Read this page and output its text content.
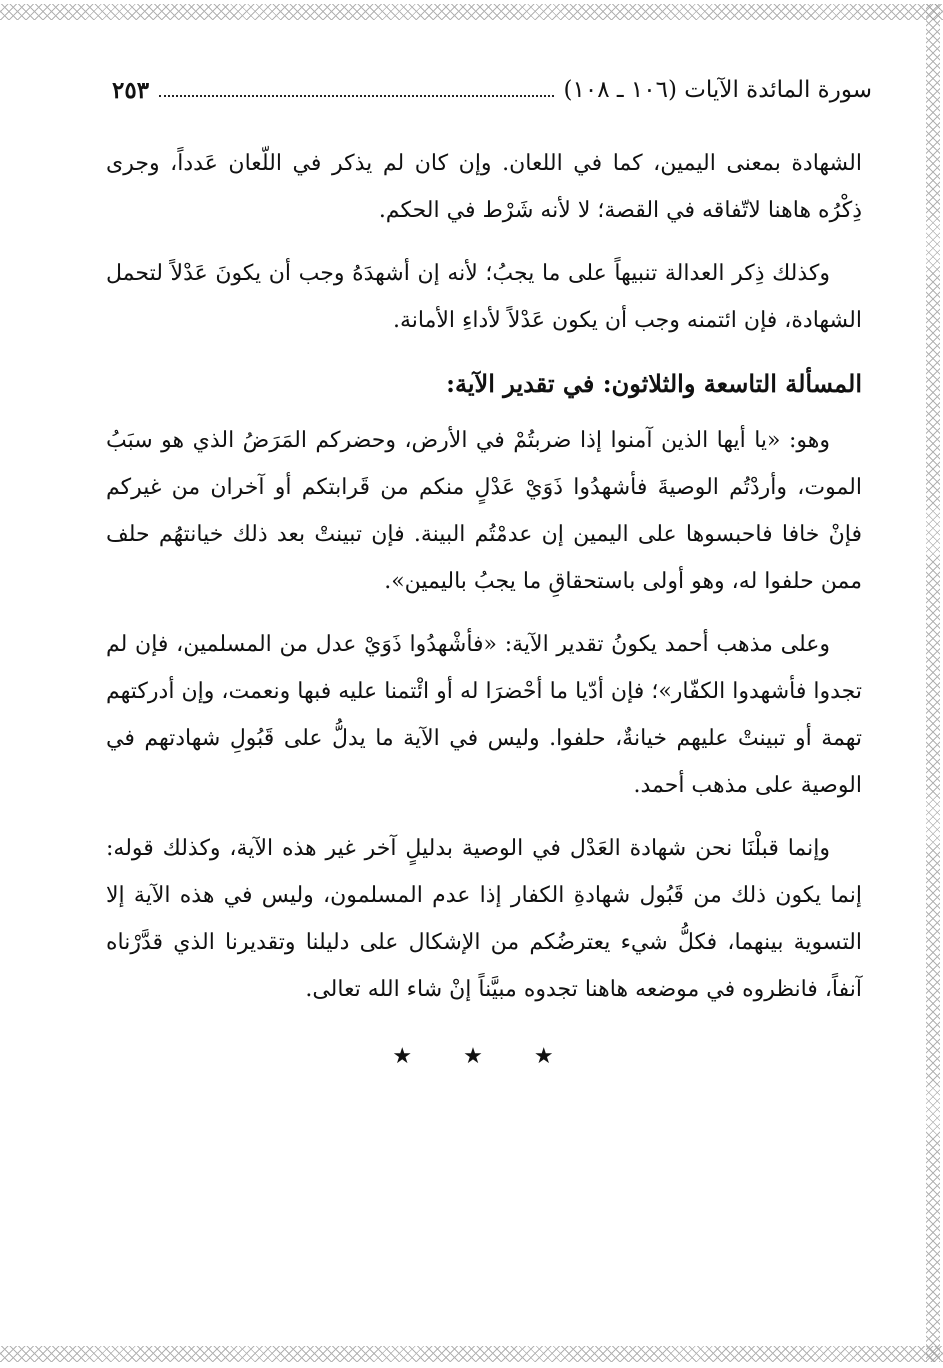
سورة المائدة الآيات (١٠٦ ـ ١٠٨)
٢٥٣

الشهادة بمعنى اليمين، كما في اللعان. وإن كان لم يذكر في اللّعان عَدداً، وجرى ذِكْرُه هاهنا لاتّفاقه في القصة؛ لا لأنه شَرْط في الحكم.

وكذلك ذِكر العدالة تنبيهاً على ما يجبُ؛ لأنه إن أشهدَهُ وجب أن يكونَ عَدْلاً لتحمل الشهادة، فإن ائتمنه وجب أن يكون عَدْلاً لأداءِ الأمانة.

المسألة التاسعة والثلاثون: في تقدير الآية:

وهو: «يا أيها الذين آمنوا إذا ضربتُمْ في الأرض، وحضركم المَرَضُ الذي هو سبَبُ الموت، وأردْتُم الوصيةَ فأشهدُوا ذَوَيْ عَدْلٍ منكم من قَرابتكم أو آخران من غيركم فإنْ خافا فاحبسوها على اليمين إن عدمْتُم البينة. فإن تبينتْ بعد ذلك خيانتهُم حلف ممن حلفوا له، وهو أولى باستحقاقِ ما يجبُ باليمين».

وعلى مذهب أحمد يكونُ تقدير الآية: «فأشْهدُوا ذَوَيْ عدل من المسلمين، فإن لم تجدوا فأشهدوا الكفّار»؛ فإن أدّيا ما أحْضرَا له أو ائْتمنا عليه فبها ونعمت، وإن أدركتهم تهمة أو تبينتْ عليهم خيانةٌ، حلفوا. وليس في الآية ما يدلُّ على قَبُولِ شهادتهم في الوصية على مذهب أحمد.

وإنما قبلْنَا نحن شهادة العَدْل في الوصية بدليلٍ آخر غير هذه الآية، وكذلك قوله: إنما يكون ذلك من قَبُول شهادةِ الكفار إذا عدم المسلمون، وليس في هذه الآية إلا التسوية بينهما، فكلُّ شيء يعترضُكم من الإشكال على دليلنا وتقديرنا الذي قدَّرْناه آنفاً، فانظروه في موضعه هاهنا تجدوه مبيَّناً إنْ شاء الله تعالى.

★ ★ ★
